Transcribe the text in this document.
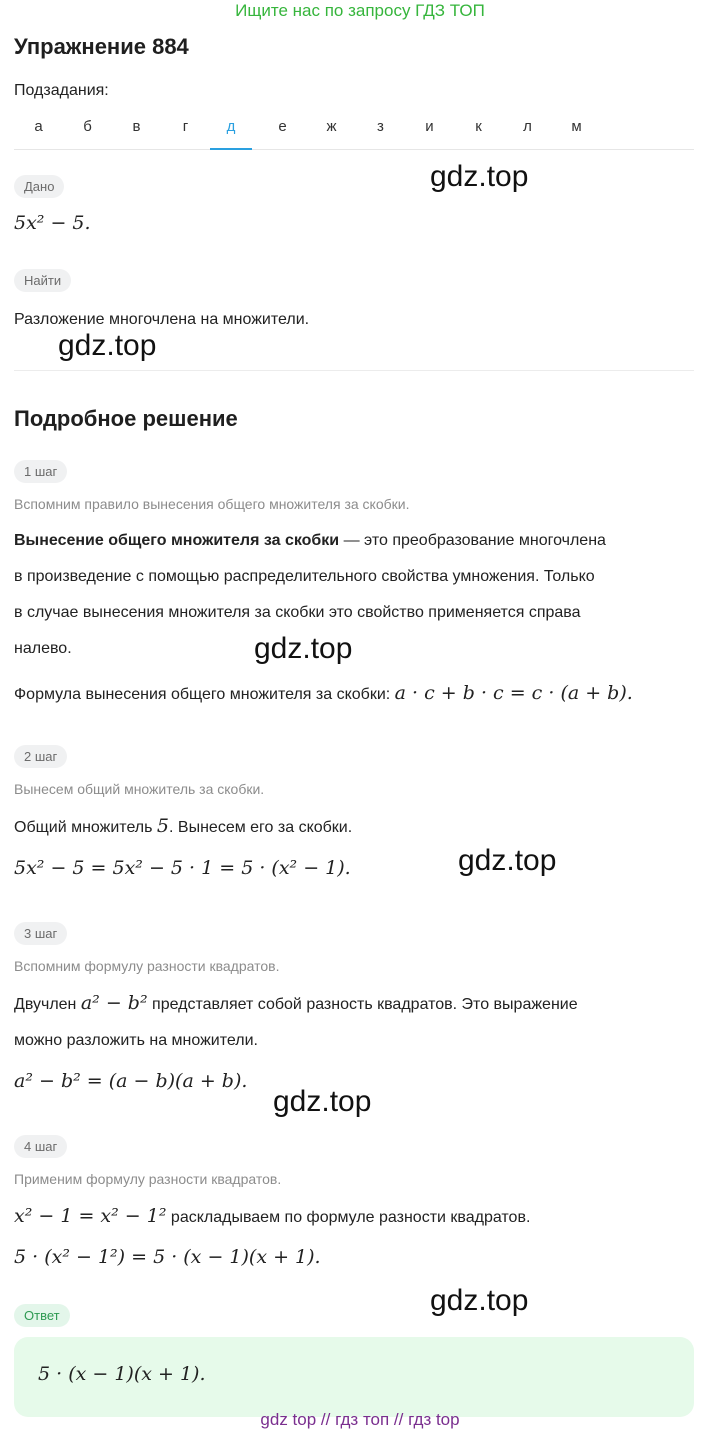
Ищите нас по запросу ГДЗ ТОП
Упражнение 884
Подзадания:
а	б	в	г	д	е	ж	з	и	к	л	м
Дано
5x² − 5.
Найти
Разложение многочлена на множители.
Подробное решение
1 шаг
Вспомним правило вынесения общего множителя за скобки.
Вынесение общего множителя за скобки — это преобразование многочлена
в произведение с помощью распределительного свойства умножения. Только
в случае вынесения множителя за скобки это свойство применяется справа
налево.
Формула вынесения общего множителя за скобки: a · c + b · c = c · (a + b).
2 шаг
Вынесем общий множитель за скобки.
Общий множитель 5. Вынесем его за скобки.
5x² − 5 = 5x² − 5 · 1 = 5 · (x² − 1).
3 шаг
Вспомним формулу разности квадратов.
Двучлен a² − b² представляет собой разность квадратов. Это выражение
можно разложить на множители.
a² − b² = (a − b)(a + b).
4 шаг
Применим формулу разности квадратов.
x² − 1 = x² − 1² раскладываем по формуле разности квадратов.
5 · (x² − 1²) = 5 · (x − 1)(x + 1).
Ответ
5 · (x − 1)(x + 1).
gdz.top
gdz.top
gdz.top
gdz.top
gdz.top
gdz.top
gdz top // гдз топ // гдз top
